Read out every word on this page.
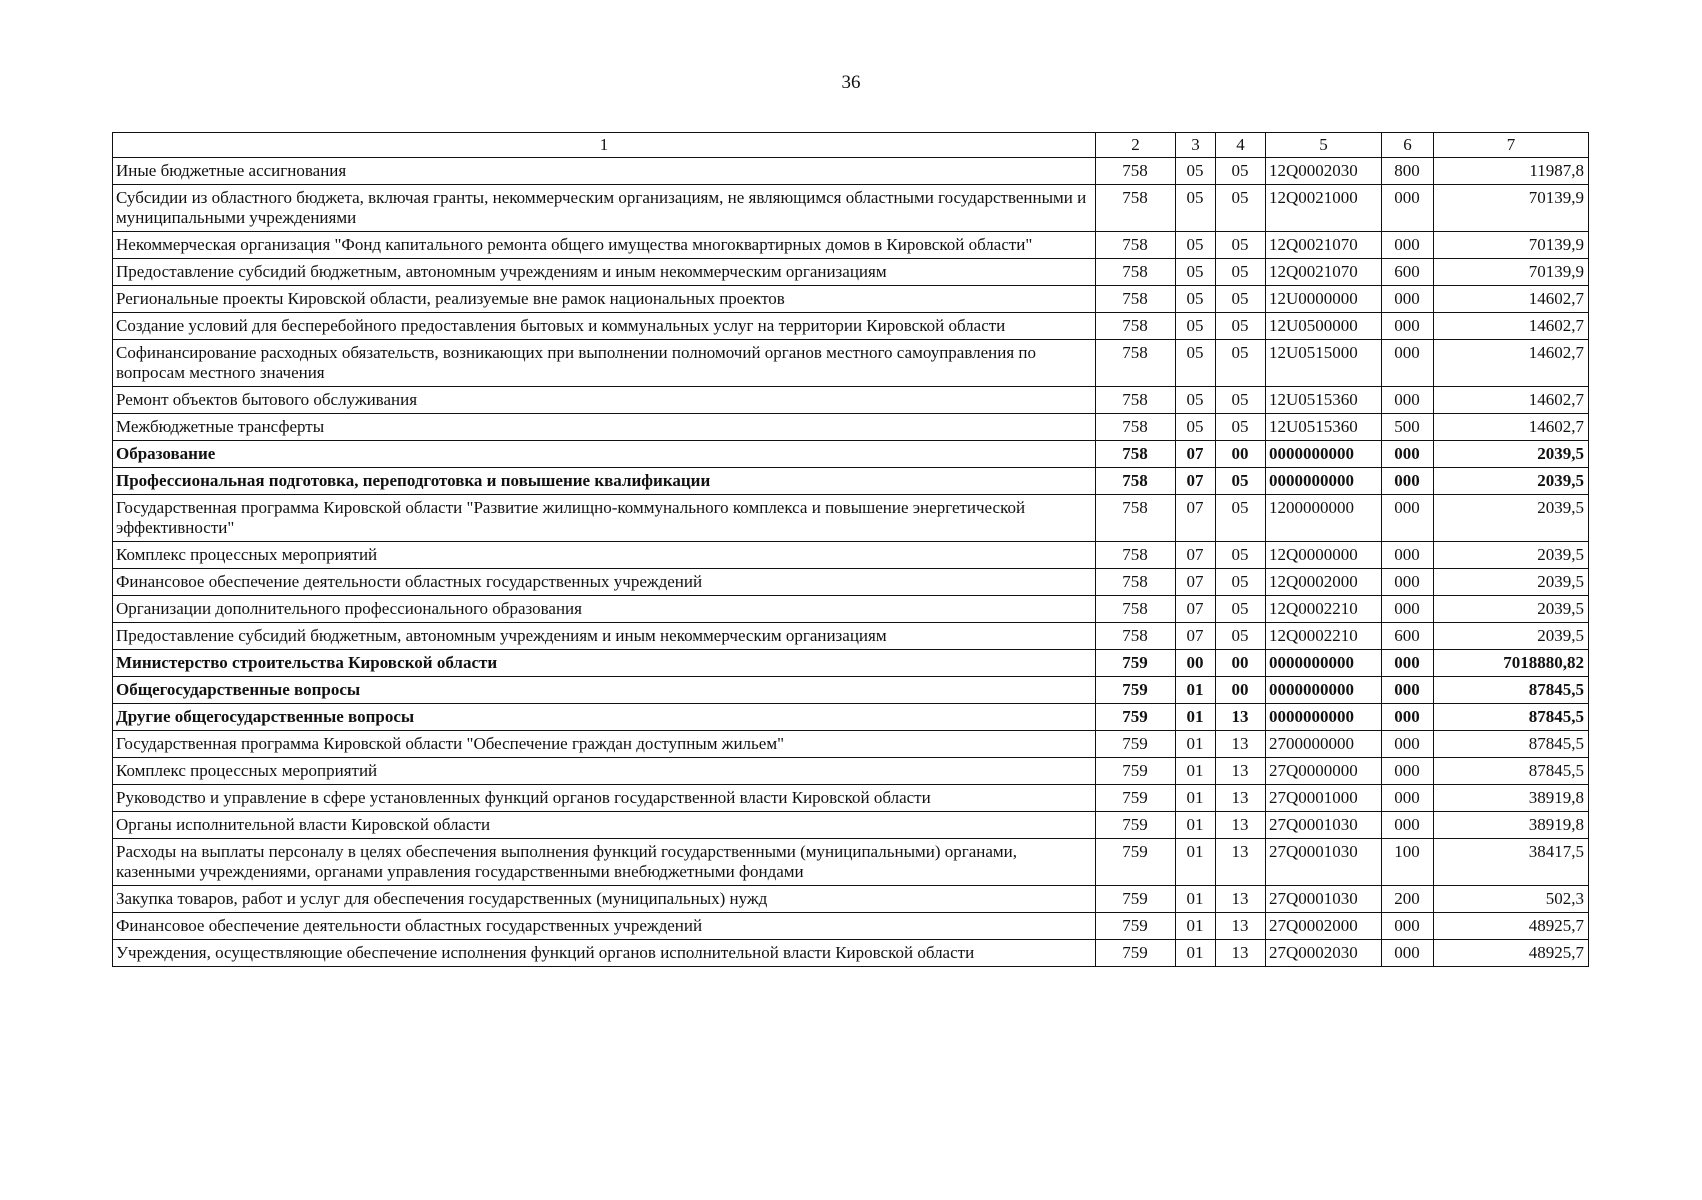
36
1	2	3	4	5	6	7
Иные бюджетные ассигнования	758	05	05	12Q0002030	800	11987,8
Субсидии из областного бюджета, включая гранты, некоммерческим организациям, не являющимся областными государственными и муниципальными учреждениями	758	05	05	12Q0021000	000	70139,9
Некоммерческая организация "Фонд капитального ремонта общего имущества многоквартирных домов в Кировской области"	758	05	05	12Q0021070	000	70139,9
Предоставление субсидий бюджетным, автономным учреждениям и иным некоммерческим организациям	758	05	05	12Q0021070	600	70139,9
Региональные проекты Кировской области, реализуемые вне рамок национальных проектов	758	05	05	12U0000000	000	14602,7
Создание условий для бесперебойного предоставления бытовых и коммунальных услуг на территории Кировской области	758	05	05	12U0500000	000	14602,7
Софинансирование расходных обязательств, возникающих при выполнении полномочий органов местного самоуправления по вопросам местного значения	758	05	05	12U0515000	000	14602,7
Ремонт объектов бытового обслуживания	758	05	05	12U0515360	000	14602,7
Межбюджетные трансферты	758	05	05	12U0515360	500	14602,7
Образование	758	07	00	0000000000	000	2039,5
Профессиональная подготовка, переподготовка и повышение квалификации	758	07	05	0000000000	000	2039,5
Государственная программа Кировской области "Развитие жилищно-коммунального комплекса и повышение энергетической эффективности"	758	07	05	1200000000	000	2039,5
Комплекс процессных мероприятий	758	07	05	12Q0000000	000	2039,5
Финансовое обеспечение деятельности областных государственных учреждений	758	07	05	12Q0002000	000	2039,5
Организации дополнительного профессионального образования	758	07	05	12Q0002210	000	2039,5
Предоставление субсидий бюджетным, автономным учреждениям и иным некоммерческим организациям	758	07	05	12Q0002210	600	2039,5
Министерство строительства Кировской области	759	00	00	0000000000	000	7018880,82
Общегосударственные вопросы	759	01	00	0000000000	000	87845,5
Другие общегосударственные вопросы	759	01	13	0000000000	000	87845,5
Государственная программа Кировской области "Обеспечение граждан доступным жильем"	759	01	13	2700000000	000	87845,5
Комплекс процессных мероприятий	759	01	13	27Q0000000	000	87845,5
Руководство и управление в сфере установленных функций органов государственной власти Кировской области	759	01	13	27Q0001000	000	38919,8
Органы исполнительной власти Кировской области	759	01	13	27Q0001030	000	38919,8
Расходы на выплаты персоналу в целях обеспечения выполнения функций государственными (муниципальными) органами, казенными учреждениями, органами управления государственными внебюджетными фондами	759	01	13	27Q0001030	100	38417,5
Закупка товаров, работ и услуг для обеспечения государственных (муниципальных) нужд	759	01	13	27Q0001030	200	502,3
Финансовое обеспечение деятельности областных государственных учреждений	759	01	13	27Q0002000	000	48925,7
Учреждения, осуществляющие обеспечение исполнения функций органов исполнительной власти Кировской области	759	01	13	27Q0002030	000	48925,7
